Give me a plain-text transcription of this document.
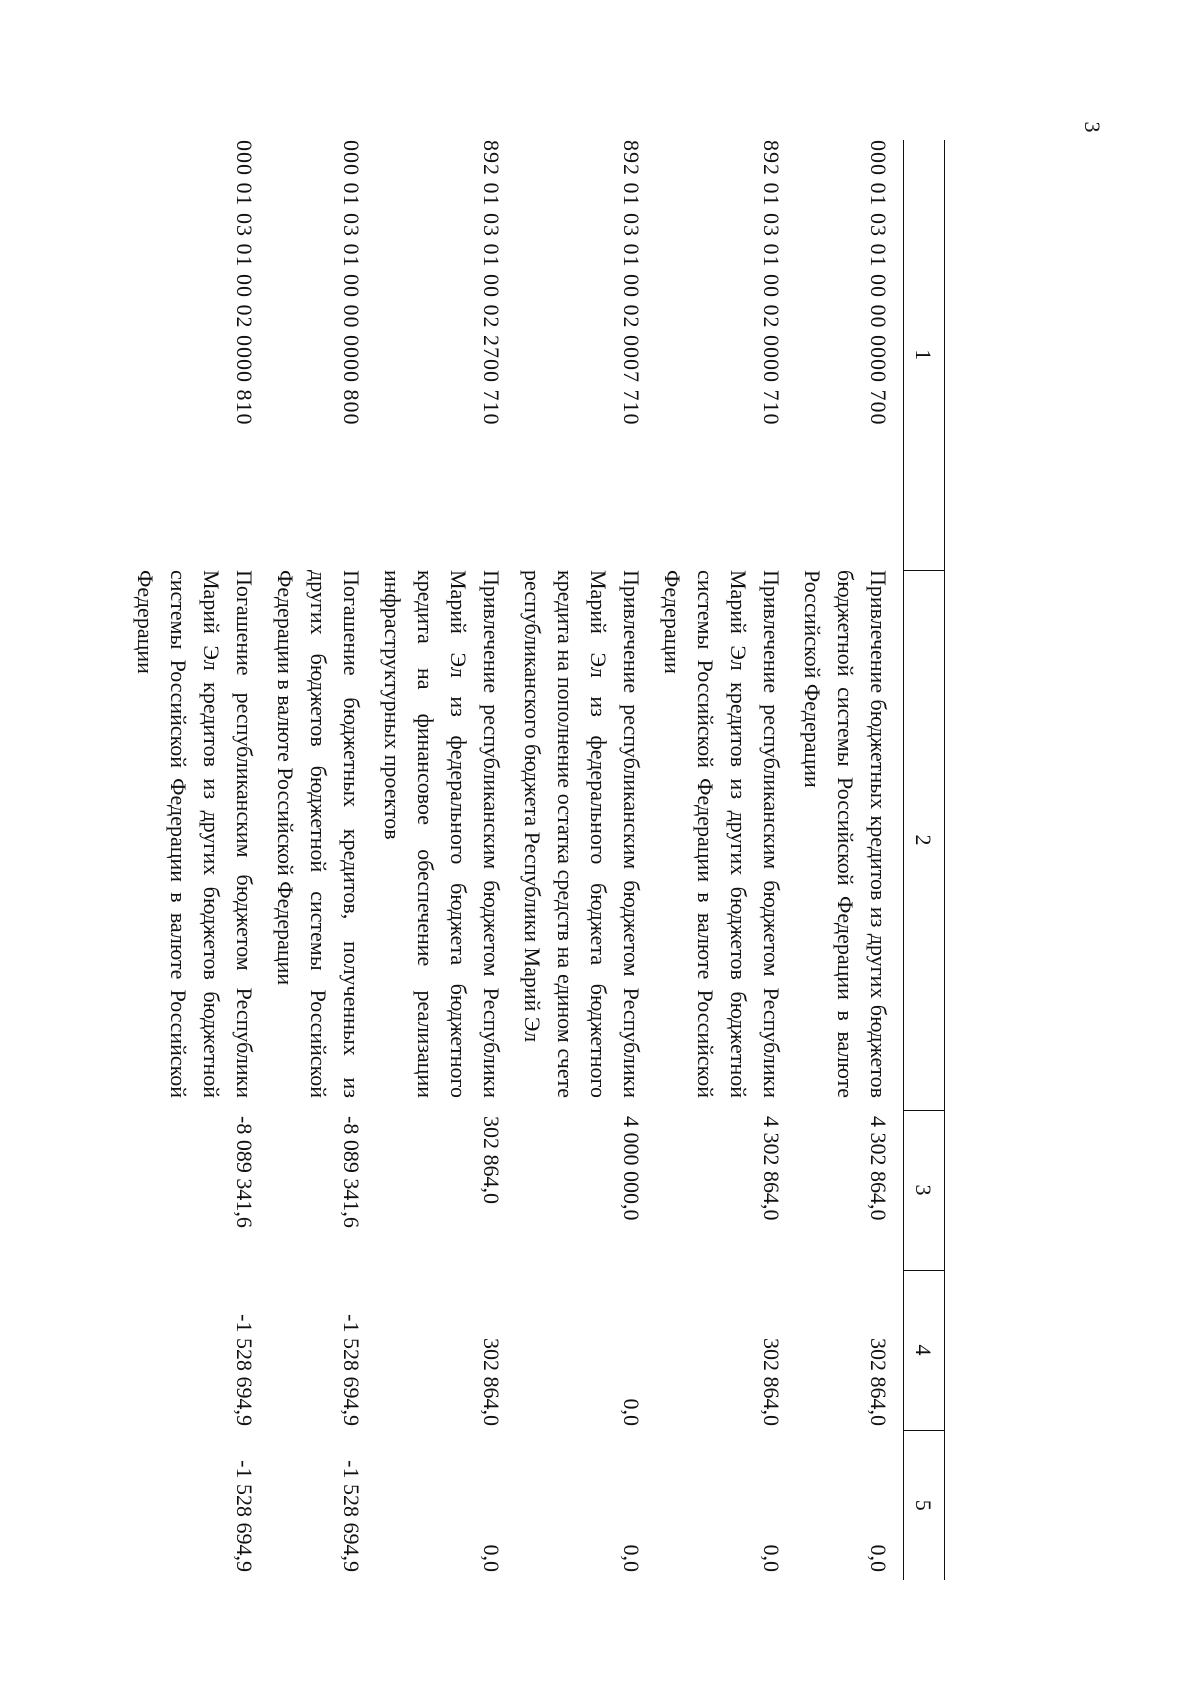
3
1	2	3	4	5
000 01 03 01 00 00 0000 700	Привлечение бюджетных кредитов из других бюджетов бюджетной системы Российской Федерации в валюте Российской Федерации	4 302 864,0	302 864,0	0,0
892 01 03 01 00 02 0000 710	Привлечение республиканским бюджетом Республики Марий Эл кредитов из других бюджетов бюджетной системы Российской Федерации в валюте Российской Федерации	4 302 864,0	302 864,0	0,0
892 01 03 01 00 02 0007 710	Привлечение республиканским бюджетом Республики Марий Эл из федерального бюджета бюджетного кредита на пополнение остатка средств на едином счете республиканского бюджета Республики Марий Эл	4 000 000,0	0,0	0,0
892 01 03 01 00 02 2700 710	Привлечение республиканским бюджетом Республики Марий Эл из федерального бюджета бюджетного кредита на финансовое обеспечение реализации инфраструктурных проектов	302 864,0	302 864,0	0,0
000 01 03 01 00 00 0000 800	Погашение бюджетных кредитов, полученных из других бюджетов бюджетной системы Российской Федерации в валюте Российской Федерации	-8 089 341,6	-1 528 694,9	-1 528 694,9
000 01 03 01 00 02 0000 810	Погашение республиканским бюджетом Республики Марий Эл кредитов из других бюджетов бюджетной системы Российской Федерации в валюте Российской Федерации	-8 089 341,6	-1 528 694,9	-1 528 694,9
